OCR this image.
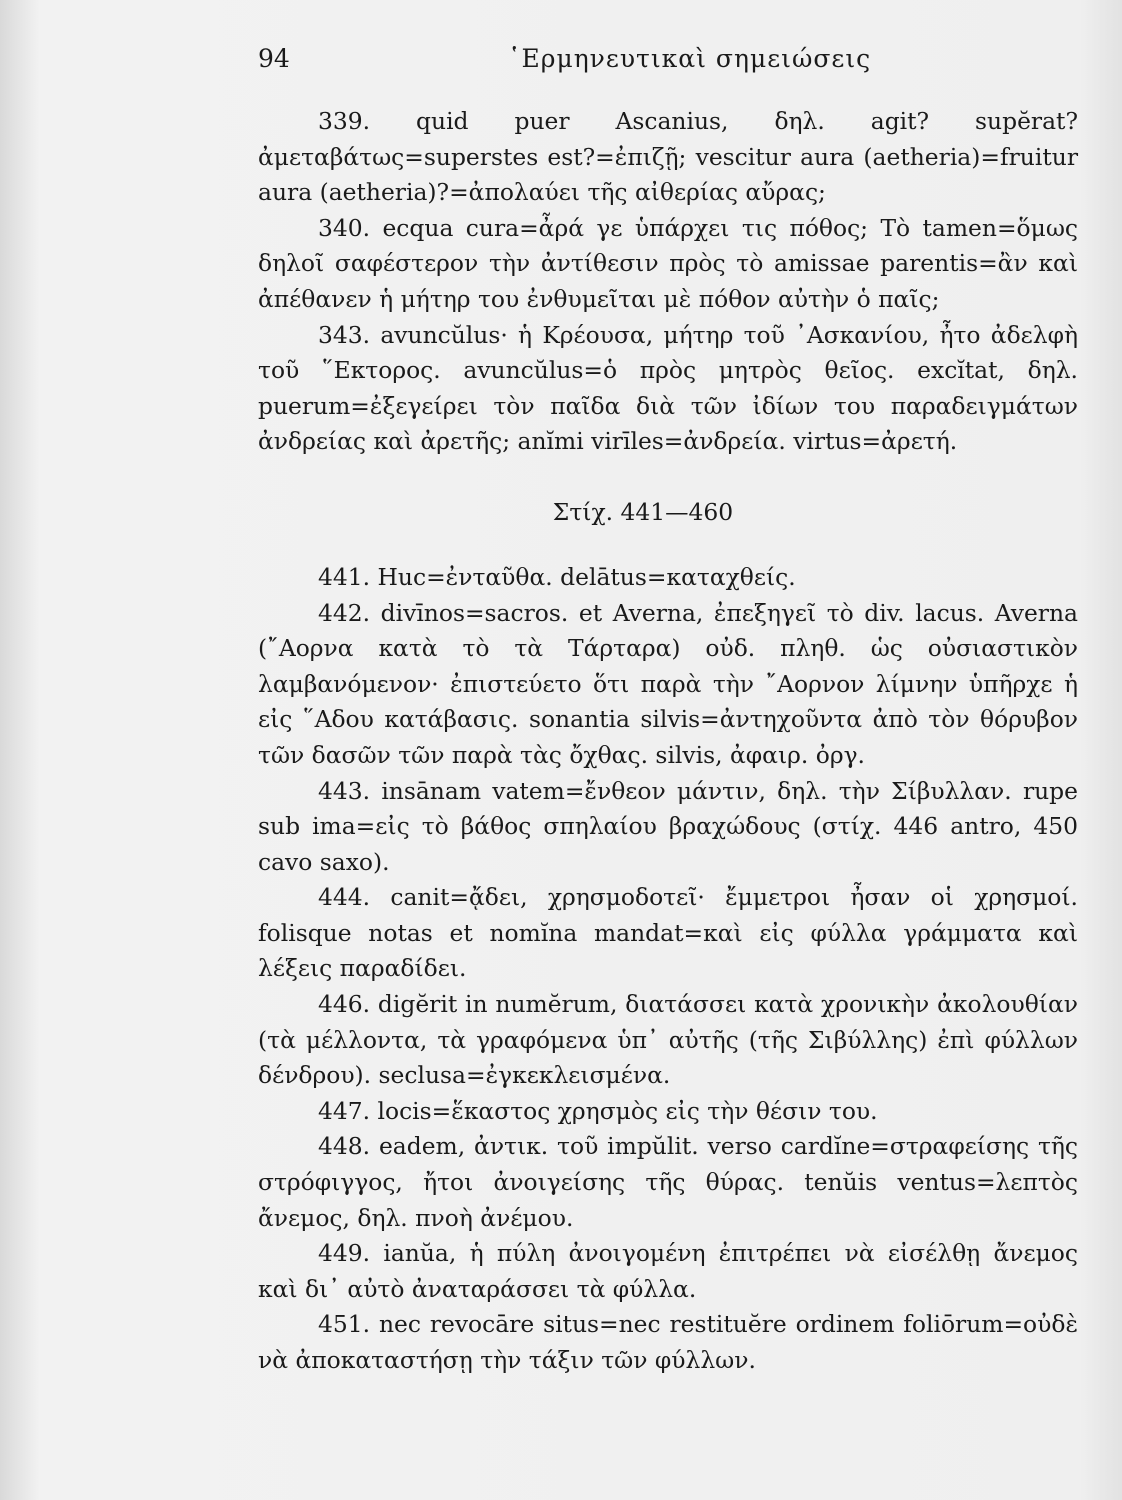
94	῾Ερμηνευτικαὶ σημειώσεις

339. quid puer Ascanius, δηλ. agit? supĕrat? ἀμεταβάτως=superstes est?=ἐπιζῇ; vescitur aura (aetheria)=fruitur aura (aetheria)?=ἀπολαύει τῆς αἰθερίας αὔρας;

340. ecqua cura=ἆρά γε ὑπάρχει τις πόθος; Τὸ tamen=ὅμως δηλοῖ σαφέστερον τὴν ἀντίθεσιν πρὸς τὸ amissae parentis=ἂν καὶ ἀπέθανεν ἡ μήτηρ του ἐνθυμεῖται μὲ πόθον αὐτὴν ὁ παῖς;

343. avuncŭlus· ἡ Κρέουσα, μήτηρ τοῦ ᾿Ασκανίου, ἦτο ἀδελφὴ τοῦ ῞Εκτορος. avuncŭlus=ὁ πρὸς μητρὸς θεῖος. excĭtat, δηλ. puerum=ἐξεγείρει τὸν παῖδα διὰ τῶν ἰδίων του παραδειγμάτων ἀνδρείας καὶ ἀρετῆς; anĭmi virīles=ἀνδρεία. virtus=ἀρετή.

Στίχ. 441—460

441. Huc=ἐνταῦθα. delātus=καταχθείς.

442. divīnos=sacros. et Averna, ἐπεξηγεῖ τὸ div. lacus. Averna (῎Αορνα κατὰ τὸ τὰ Τάρταρα) οὐδ. πληθ. ὡς οὐσιαστικὸν λαμβανόμενον· ἐπιστεύετο ὅτι παρὰ τὴν ῎Αορνον λίμνην ὑπῆρχε ἡ εἰς ῞Αδου κατάβασις. sonantia silvis=ἀντηχοῦντα ἀπὸ τὸν θόρυβον τῶν δασῶν τῶν παρὰ τὰς ὄχθας. silvis, ἀφαιρ. ὀργ.

443. insānam vatem=ἔνθεον μάντιν, δηλ. τὴν Σίβυλλαν. rupe sub ima=εἰς τὸ βάθος σπηλαίου βραχώδους (στίχ. 446 antro, 450 cavo saxo).

444. canit=ᾄδει, χρησμοδοτεῖ· ἔμμετροι ἦσαν οἱ χρησμοί. folisque notas et nomĭna mandat=καὶ εἰς φύλλα γράμματα καὶ λέξεις παραδίδει.

446. digĕrit in numĕrum, διατάσσει κατὰ χρονικὴν ἀκολουθίαν (τὰ μέλλοντα, τὰ γραφόμενα ὑπ᾿ αὐτῆς (τῆς Σιβύλλης) ἐπὶ φύλλων δένδρου). seclusa=ἐγκεκλεισμένα.

447. locis=ἕκαστος χρησμὸς εἰς τὴν θέσιν του.

448. eadem, ἀντικ. τοῦ impŭlit. verso cardĭne=στραφείσης τῆς στρόφιγγος, ἤτοι ἀνοιγείσης τῆς θύρας. tenŭis ventus=λεπτὸς ἄνεμος, δηλ. πνοὴ ἀνέμου.

449. ianŭa, ἡ πύλη ἀνοιγομένη ἐπιτρέπει νὰ εἰσέλθῃ ἄνεμος καὶ δι᾿ αὐτὸ ἀναταράσσει τὰ φύλλα.

451. nec revocāre situs=nec restituĕre ordinem foliōrum=οὐδὲ νὰ ἀποκαταστήσῃ τὴν τάξιν τῶν φύλλων.
